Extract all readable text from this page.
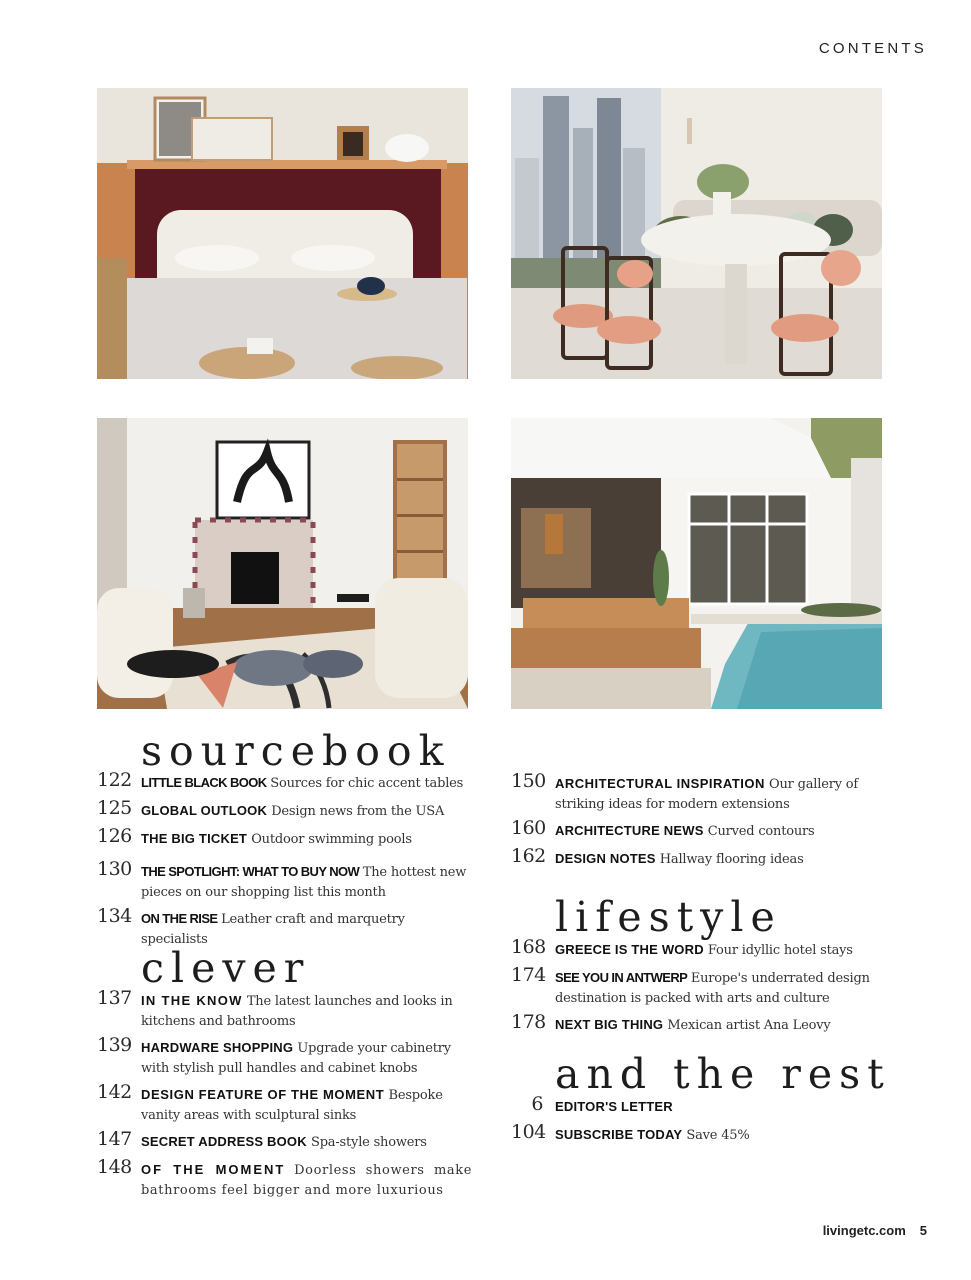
CONTENTS
sourcebook
122 LITTLE BLACK BOOK Sources for chic accent tables
125 GLOBAL OUTLOOK Design news from the USA
126 THE BIG TICKET Outdoor swimming pools
130 THE SPOTLIGHT: WHAT TO BUY NOW The hottest new pieces on our shopping list this month
134 ON THE RISE Leather craft and marquetry specialists
clever
137 IN THE KNOW The latest launches and looks in kitchens and bathrooms
139 HARDWARE SHOPPING Upgrade your cabinetry with stylish pull handles and cabinet knobs
142 DESIGN FEATURE OF THE MOMENT Bespoke vanity areas with sculptural sinks
147 SECRET ADDRESS BOOK Spa-style showers
148 OF THE MOMENT Doorless showers make bathrooms feel bigger and more luxurious
150 ARCHITECTURAL INSPIRATION Our gallery of striking ideas for modern extensions
160 ARCHITECTURE NEWS Curved contours
162 DESIGN NOTES Hallway flooring ideas
lifestyle
168 GREECE IS THE WORD Four idyllic hotel stays
174 SEE YOU IN ANTWERP Europe's underrated design destination is packed with arts and culture
178 NEXT BIG THING Mexican artist Ana Leovy
and the rest
6 EDITOR'S LETTER
104 SUBSCRIBE TODAY Save 45%
livingetc.com 5
